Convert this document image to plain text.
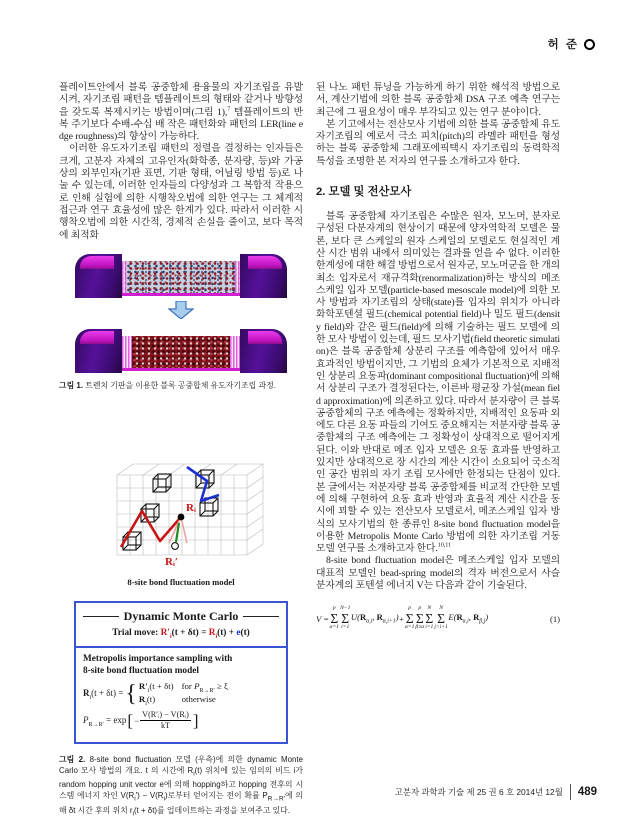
허 준

플레이트안에서 블록 공중합체 용융물의 자기조립을 유발시켜, 자기조립 패턴을 템플레이트의 형태와 같거나 방향성을 갖도록 복제시키는 방법이며(그림 1),$^7$ 템플레이트의 반복 주기보다 수배-수십 배 작은 패턴화와 패턴의 LER(line edge roughness)의 향상이 가능하다.

이러한 유도자기조립 패턴의 정렬을 결정하는 인자들은 크게, 고분자 자체의 고유인자(화학종, 분자량, 등)와 가공 상의 외부인자(기판 표면, 기판 형태, 어닐링 방법 등)로 나눌 수 있는데, 이러한 인자들의 다양성과 그 복합적 작용으로 인해 실험에 의한 시행착오법에 의한 연구는 그 체계적 접근과 연구 효율성에 많은 한계가 있다. 따라서 이러한 시행착오법에 의한 시간적, 경제적 손실을 줄이고, 보다 목적에 최적화

그림 1. 트렌치 기판을 이용한 블록 공중합체 유도자기조립 과정.
Rᵢ
Rᵢ′
8-site bond fluctuation model
Dynamic Monte Carlo
Trial move: $R'_i(t + \delta t) = R_i(t) + e(t)$
Metropolis importance sampling with
8-site bond fluctuation model
$R_i(t + \delta t)$ = { $R'_i(t + \delta t)$ for $P_{R\to R'} \ge \xi$
$R_i(t)$	otherwise
$P_{R\to R'} = \exp$ [ − $\frac{\text{V(R′ᵢ) − V(Rᵢ)}}{kT}$ ]

그림 2. 8-site bond fluctuation 모델 (우측)에 의한 dynamic Monte Carlo 모사 방법의 개요. t 의 시간에 $R_i(t)$ 위치에 있는 임의의 비드 i가 random hopping unit vector e에 의해 hopping하고 hopping 전후의 시스템 에너지 차인 $V(R_i') - V(R_i)$로부터 얻어지는 전이 확률 $P_{R\to R'}$에 의해 δt 시간 후의 위치 $r_i(t + \delta t)$를 업데이트하는 과정을 보여주고 있다.

된 나노 패턴 튜닝을 가능하게 하기 위한 해석적 방법으로서, 계산기법에 의한 블록 공중합체 DSA 구조 예측 연구는 최근에 그 필요성이 매우 부각되고 있는 연구 분야이다.

본 기고에서는 전산모사 기법에 의한 블록 공중합체 유도자기조립의 예로서 극소 피치(pitch)의 라멜라 패턴을 형성하는 블록 공중합체 그래포에픽택시 자기조립의 동력학적 특성을 조명한 본 저자의 연구를 소개하고자 한다.

2. 모델 및 전산모사

블록 공중합체 자기조립은 수많은 원자, 모노머, 분자로 구성된 다분자계의 현상이기 때문에 양자역학적 모델은 물론, 보다 큰 스케일의 원자 스케일의 모델로도 현실적인 계산 시간 범위 내에서 의미있는 결과를 얻을 수 없다. 이러한 한계성에 대한 해결 방법으로서 원자군, 모노머군을 한 개의 최소 입자로서 재규격화(renormalization)하는 방식의 메조스케일 입자 모델(particle-based mesoscale model)에 의한 모사 방법과 자기조립의 상태(state)를 입자의 위치가 아니라 화학포텐셜 필드(chemical potential field)나 밀도 필드(density field)와 같은 필드(field)에 의해 기술하는 필드 모델에 의한 모사 방법이 있는데, 필드 모사기법(field theoretic simulation)은 블록 공중합체 상분리 구조를 예측함에 있어서 매우 효과적인 방법이지만, 그 기법의 요체가 기본적으로 지배적인 상분리 요동파(dominant compositional fluctuation)에 의해서 상분리 구조가 결정된다는, 이른바 평균장 가설(mean field approximation)에 의존하고 있다. 따라서 분자량이 큰 블록 공중합체의 구조 예측에는 정확하지만, 지배적인 요동파 외에도 다른 요동 파들의 기여도 중요해지는 저분자량 블록 공중합체의 구조 예측에는 그 정확성이 상대적으로 떨어지게 된다. 이와 반대로 메조 입자 모델은 요동 효과를 반영하고 있지만 상대적으로 장 시간의 계산 시간이 소요되어 국소적인 공간 범위의 자기 조립 모사에만 한정되는 단점이 있다. 본 글에서는 저분자량 블록 공중합체를 비교적 간단한 모델에 의해 구현하여 요동 효과 반영과 효율적 계산 시간을 동시에 꾀할 수 있는 전산모사 모델로서, 메조스케일 입자 방식의 모사기법의 한 종류인 8-site bond fluctuation model을 이용한 Metropolis Monte Carlo 방법에 의한 자기조립 거동 모델 연구를 소개하고자 한다.$^{10,11}$

8-site bond fluctuation model은 메조스케일 입자 모델의 대표적 모델인 bead-spring model의 격자 버전으로서 사슬 분자계의 포텐셜 에너지 V는 다음과 같이 기술된다.

V =
p
Σ
α=1
N−1
Σ
i=1
$U(R_{\alpha,i}$, $R_{\alpha,i+1}$) +
p
Σ
α=1
p
Σ
β≥α
N
Σ
i=1
N
Σ
j>i+1
$E(R_{\alpha,i}$, $R_{\beta,j}$)	(1)
고분자 과학과 기술 제 25 권 6 호 2014년 12월 489
